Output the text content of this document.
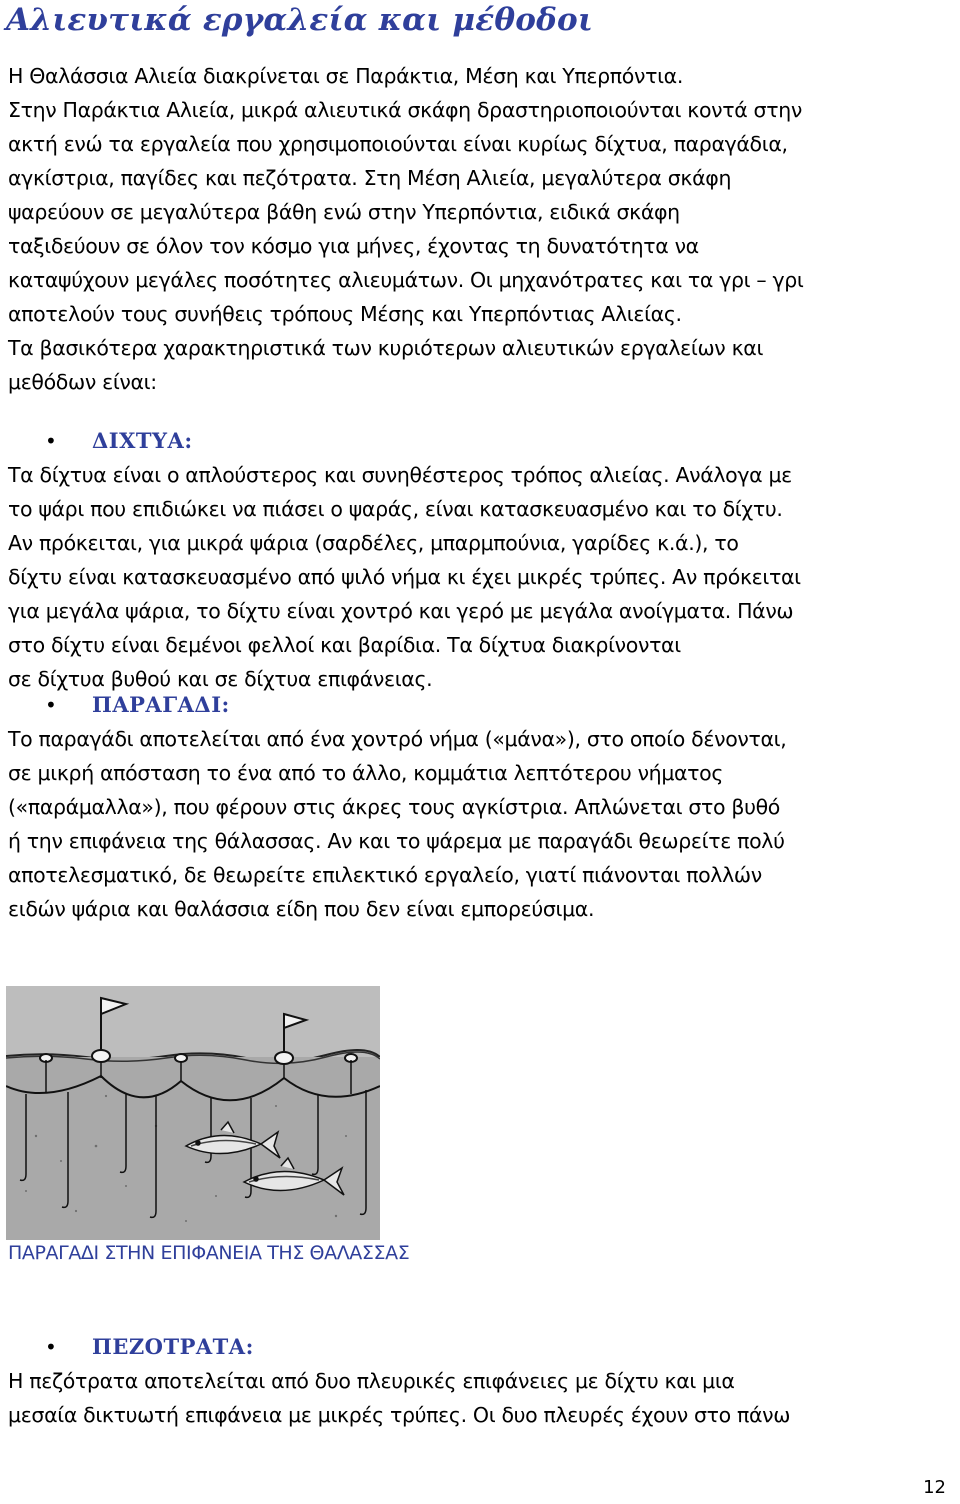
Αλιευτικά εργαλεία και μέθοδοι
Η Θαλάσσια Αλιεία διακρίνεται σε Παράκτια, Μέση και Υπερπόντια.
Στην Παράκτια Αλιεία, μικρά αλιευτικά σκάφη δραστηριοποιούνται κοντά στην
ακτή ενώ τα εργαλεία που χρησιμοποιούνται είναι κυρίως δίχτυα, παραγάδια,
αγκίστρια, παγίδες και πεζότρατα. Στη Μέση Αλιεία, μεγαλύτερα σκάφη
ψαρεύουν σε μεγαλύτερα βάθη ενώ στην Υπερπόντια, ειδικά σκάφη
ταξιδεύουν σε όλον τον κόσμο για μήνες, έχοντας τη δυνατότητα να
καταψύχουν μεγάλες ποσότητες αλιευμάτων. Οι μηχανότρατες και τα γρι – γρι
αποτελούν τους συνήθεις τρόπους Μέσης και Υπερπόντιας Αλιείας.
Τα βασικότερα χαρακτηριστικά των κυριότερων αλιευτικών εργαλείων και
μεθόδων είναι:
• ΔΙΧΤΥΑ:
Τα δίχτυα είναι ο απλούστερος και συνηθέστερος τρόπος αλιείας. Ανάλογα με
το ψάρι που επιδιώκει να πιάσει ο ψαράς, είναι κατασκευασμένο και το δίχτυ.
Αν πρόκειται, για μικρά ψάρια (σαρδέλες, μπαρμπούνια, γαρίδες κ.ά.), το
δίχτυ είναι κατασκευασμένο από ψιλό νήμα κι έχει μικρές τρύπες. Αν πρόκειται
για μεγάλα ψάρια, το δίχτυ είναι χοντρό και γερό με μεγάλα ανοίγματα. Πάνω
στο δίχτυ είναι δεμένοι φελλοί και βαρίδια. Τα δίχτυα διακρίνονται
σε δίχτυα βυθού και σε δίχτυα επιφάνειας.
• ΠΑΡΑΓΑΔΙ:
Το παραγάδι αποτελείται από ένα χοντρό νήμα («μάνα»), στο οποίο δένονται,
σε μικρή απόσταση το ένα από το άλλο, κομμάτια λεπτότερου νήματος
(«παράμαλλα»), που φέρουν στις άκρες τους αγκίστρια. Απλώνεται στο βυθό
ή την επιφάνεια της θάλασσας. Αν και το ψάρεμα με παραγάδι θεωρείτε πολύ
αποτελεσματικό, δε θεωρείτε επιλεκτικό εργαλείο, γιατί πιάνονται πολλών
ειδών ψάρια και θαλάσσια είδη που δεν είναι εμπορεύσιμα.
ΠΑΡΑΓΑΔΙ ΣΤΗΝ ΕΠΙΦΑΝΕΙΑ ΤΗΣ ΘΑΛΑΣΣΑΣ
• ΠΕΖΟΤΡΑΤΑ:
Η πεζότρατα αποτελείται από δυο πλευρικές επιφάνειες με δίχτυ και μια
μεσαία δικτυωτή επιφάνεια με μικρές τρύπες. Οι δυο πλευρές έχουν στο πάνω
12
